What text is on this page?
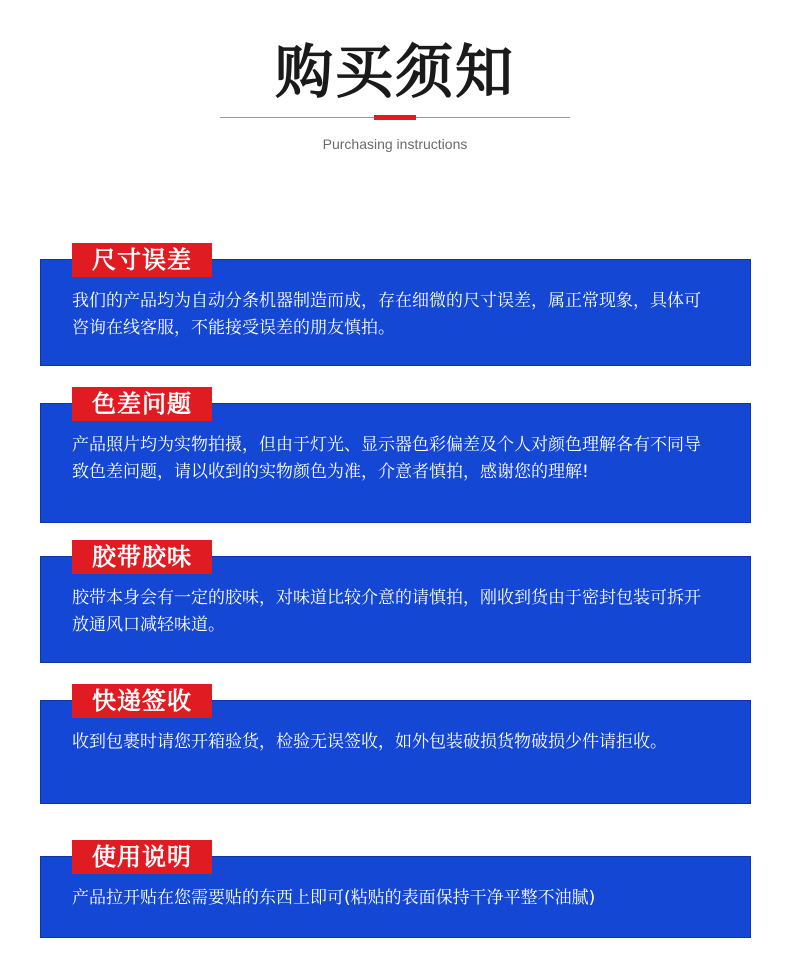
购买须知
Purchasing instructions
尺寸误差
我们的产品均为自动分条机器制造而成，存在细微的尺寸误差，属正常现象，具体可咨询在线客服，不能接受误差的朋友慎拍。
色差问题
产品照片均为实物拍摄，但由于灯光、显示器色彩偏差及个人对颜色理解各有不同导致色差问题，请以收到的实物颜色为准，介意者慎拍，感谢您的理解!
胶带胶味
胶带本身会有一定的胶味，对味道比较介意的请慎拍，刚收到货由于密封包装可拆开放通风口减轻味道。
快递签收
收到包裹时请您开箱验货，检验无误签收，如外包装破损货物破损少件请拒收。
使用说明
产品拉开贴在您需要贴的东西上即可(粘贴的表面保持干净平整不油腻)
